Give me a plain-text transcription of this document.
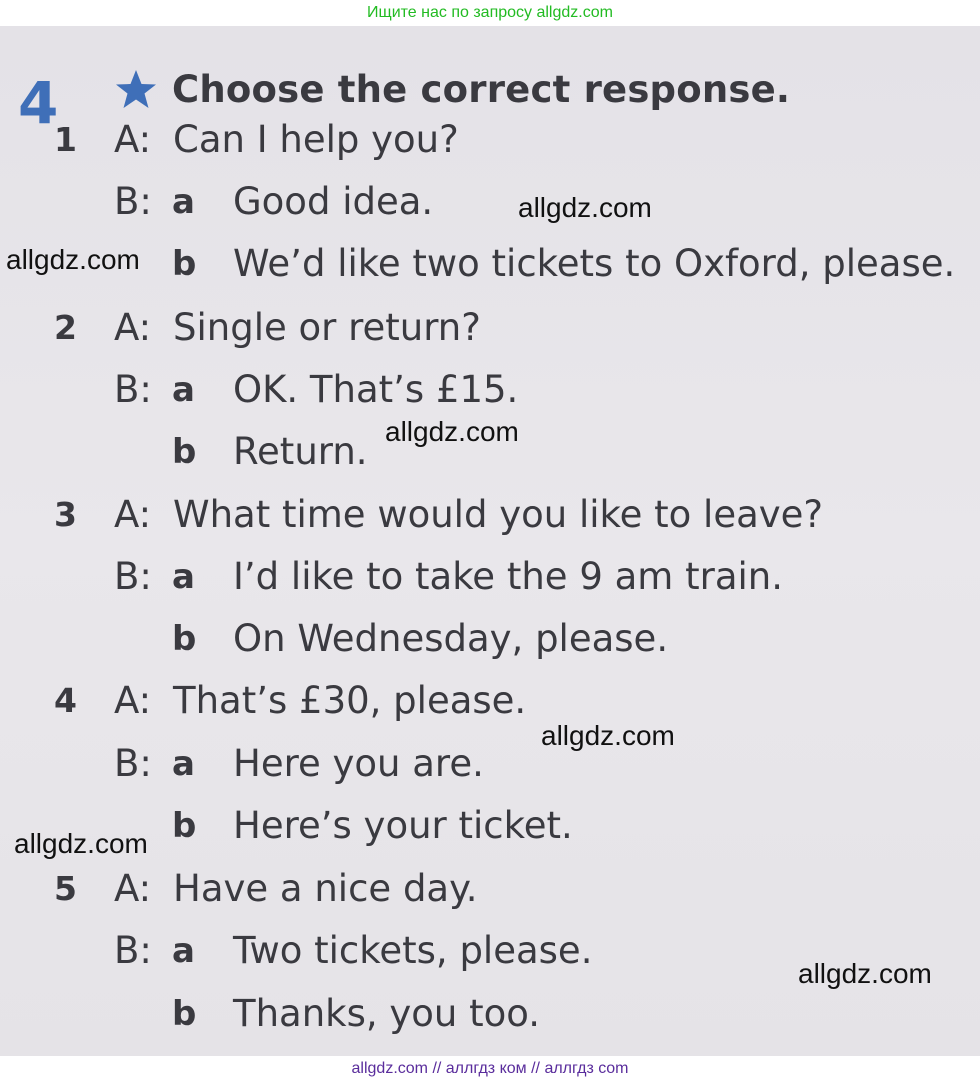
Ищите нас по запросу allgdz.com
4	Choose the correct response.
1 A: Can I help you?
B: a Good idea.
b We’d like two tickets to Oxford, please.
2 A: Single or return?
B: a OK. That’s £15.
b Return.
3 A: What time would you like to leave?
B: a I’d like to take the 9 am train.
b On Wednesday, please.
4 A: That’s £30, please.
B: a Here you are.
b Here’s your ticket.
5 A: Have a nice day.
B: a Two tickets, please.
b Thanks, you too.
allgdz.com
allgdz.com
allgdz.com
allgdz.com
allgdz.com
allgdz.com
allgdz.com // аллгдз ком // аллгдз com
